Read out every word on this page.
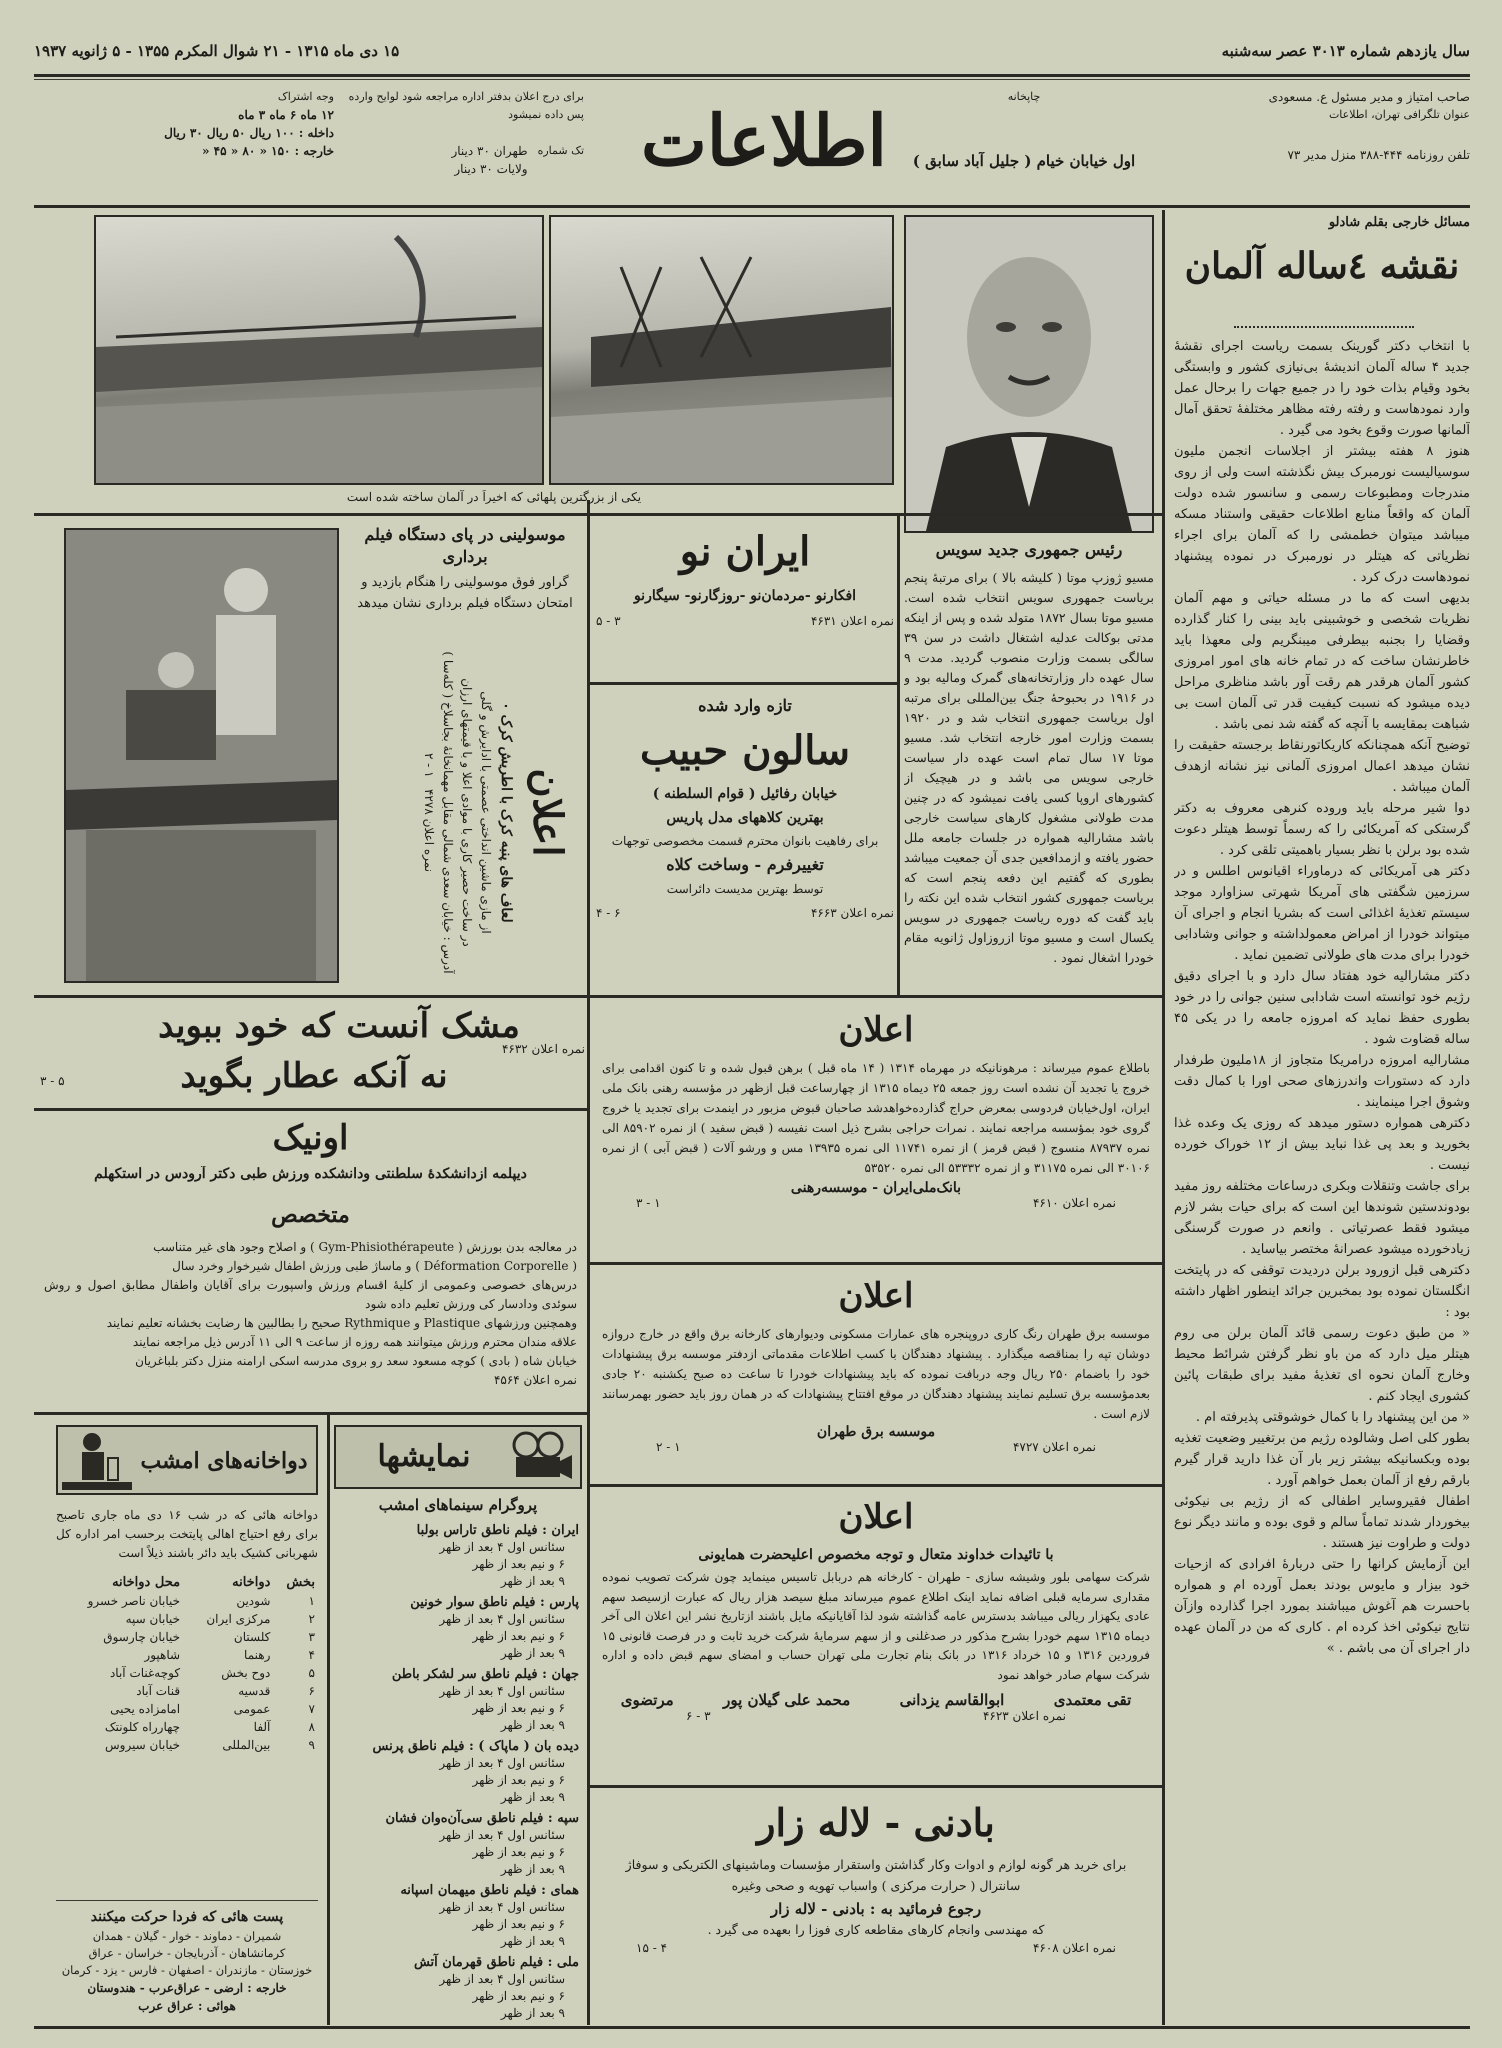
سال یازدهم شماره ۳۰۱۳ عصر سه‌شنبه
۱۵ دی ماه ۱۳۱۵ - ۲۱ شوال المکرم ۱۳۵۵ - ۵ ژانویه ۱۹۳۷
صاحب امتیاز و مدیر مسئول ع. مسعودی
عنوان تلگرافی تهران، اطلاعات
تلفن روزنامه ۴۴۴-۳۸۸ منزل مدیر ۷۳
چاپخانه
اول خیابان خیام ( جلیل آباد سابق )
اطلاعات
برای درج اعلان بدفتر اداره مراجعه شود لوایح وارده پس داده نمیشود
تک شماره
طهران ۳۰ دینار
ولایات ۳۰ دینار
وجه اشتراک
۱۲ ماه ۶ ماه ۳ ماه
داخله : ۱۰۰ ریال ۵۰ ریال ۳۰ ریال
خارجه : ۱۵۰ « ۸۰ « ۴۵ «
مسائل خارجی بقلم شادلو
نقشه ٤ساله آلمان

با انتخاب دکتر گورینک بسمت ریاست اجرای نقشهٔ جدید ۴ ساله آلمان اندیشهٔ بی‌نیازی کشور و وابستگی بخود وقیام بذات خود را در جمیع جهات را برحال عمل وارد نمودهاست و رفته رفته مظاهر مختلفهٔ تحقق آمال آلمانها صورت وقوع بخود می گیرد .

هنوز ۸ هفته بیشتر از اجلاسات انجمن ملیون سوسیالیست نورمبرک بیش نگذشته است ولی از روی مندرجات ومطبوعات رسمی و سانسور شده دولت آلمان که واقعاً منابع اطلاعات حقیقی واستناد مسکه میباشد میتوان خطمشی را که آلمان برای اجراء نظریاتی که هیتلر در نورمبرک در نموده پیشنهاد نمودهاست درک کرد .

بدیهی است که ما در مسئله حیاتی و مهم آلمان نظریات شخصی و خوشبینی باید بینی را کنار گذارده وقضایا را بجنبه بیطرفی میبنگریم ولی معهذا باید خاطرنشان ساخت که در تمام خانه های امور امروزی کشور آلمان هرقدر هم رقت آور باشد مناظری مراحل دیده میشود که نسبت کیفیت قدر تی آلمان است بی شباهت بمقایسه با آنچه که گفته شد نمی باشد .

توضیح آنکه همچنانکه کاریکاتورنقاط برجسته حقیقت را نشان میدهد اعمال امروزی آلمانی نیز نشانه ازهدف آلمان میباشد .

دوا شیر مرحله باید وروده کنرهی معروف به دکتر گرستکی که آمریکائی را که رسماً توسط هیتلر دعوت شده بود برلن با نظر بسیار باهمیتی تلقی کرد .

دکتر هی آمریکائی که درماوراء اقیانوس اطلس و در سرزمین شگفتی های آمریکا شهرتی سزاوارد موجد سیستم تغذیهٔ اغذائی است که بشریا انجام و اجرای آن میتواند خودرا از امراض معمولداشته و جوانی وشادابی خودرا برای مدت های طولانی تضمین نماید .

دکتر مشارالیه خود هفتاد سال دارد و با اجرای دقیق رژیم خود توانسته است شادابی سنین جوانی را در خود بطوری حفظ نماید که امروزه جامعه را در یکی ۴۵ ساله قضاوت شود .

مشارالیه امروزه درامریکا متجاوز از ۱۸ملیون طرفدار دارد که دستورات واندرزهای صحی اورا با کمال دقت وشوق اجرا مینمایند .

دکترهی همواره دستور میدهد که روزی یک وعده غذا بخورید و بعد پی غذا نباید بیش از ۱۲ خوراک خورده نیست .

برای جاشت وتنقلات وبکری درساعات مختلفه روز مفید بودوندستین شوندها این است که برای حیات بشر لازم میشود فقط عصرتیاتی . وانعم در صورت گرسنگی زیادخورده میشود عصرانهٔ مختصر بیاساید .

دکترهی قبل ازورود برلن دردیدت توقفی که در پایتخت انگلستان نموده بود بمخبرین جرائد اینطور اظهار داشته بود :

« من طبق دعوت رسمی قائد آلمان برلن می روم هیتلر میل دارد که من باو نظر گرفتن شرائط محیط وخارج آلمان نحوه ای تغذیهٔ مفید برای طبقات پائین کشوری ایجاد کنم .

« من این پیشنهاد را با کمال خوشوقتی پذیرفته ام .

بطور کلی اصل وشالوده رژیم من برتغییر وضعیت تغذیه بوده وبکسانیکه بیشتر زیر بار آن غذا دارید قرار گیرم بارقم رفع از آلمان بعمل خواهم آورد .

اطفال فقیروسایر اطفالی که از رژیم بی نیکوئی بیخوردار شدند تماماً سالم و قوی بوده و مانند دیگر نوع دولت و طراوت نیز هستند .

این آزمایش کرانها را حتی دربارهٔ افرادی که ازحیات خود بیزار و مایوس بودند بعمل آورده ام و همواره باحسرت هم آغوش میباشند بمورد اجرا گذارده وازآن نتایج نیکوئی اخذ کرده ام . کاری که من در آلمان عهده دار اجرای آن می باشم . »

رئیس جمهوری جدید سویس
مسیو ژوزپ موتا ( کلیشه بالا ) برای مرتبهٔ پنجم بریاست جمهوری سویس انتخاب شده است. مسیو موتا بسال ۱۸۷۲ متولد شده و پس از اینکه مدتی بوکالت عدلیه اشتغال داشت در سن ۳۹ سالگی بسمت وزارت منصوب گردید. مدت ۹ سال عهده دار وزارتخانه‌های گمرک ومالیه بود و در ۱۹۱۶ در بحبوحهٔ جنگ بین‌المللی برای مرتبه اول بریاست جمهوری انتخاب شد و در ۱۹۲۰ بسمت وزارت امور خارجه انتخاب شد. مسیو موتا ۱۷ سال تمام است عهده دار سیاست خارجی سویس می باشد و در هیچیک از کشورهای اروپا کسی یافت نمیشود که در چنین مدت طولانی مشغول کارهای سیاست خارجی باشد مشارالیه همواره در جلسات جامعه ملل حضور یافته و ازمدافعین جدی آن جمعیت میباشد بطوری که گفتیم این دفعه پنجم است که بریاست جمهوری کشور انتخاب شده این نکته را باید گفت که دوره ریاست جمهوری در سویس یکسال است و مسیو موتا ازروزاول ژانویه مقام خودرا اشغال نمود .
یکی از بزرگترین پلهائی که اخیراً در آلمان ساخته شده است
موسولینی در پای دستگاه فیلم برداری
گراور فوق موسولینی را هنگام بازدید و امتحان دستگاه فیلم برداری نشان میدهد
اعلان
لعاف های پنبه کرک با اطریش کرک ۰
از مازی ماشین انداختی عصمتی با ادایرش و گلی
در ساخت حصیر کاری با موادی اعلا و با قیمتهای ارزان
آدرس : خیابان سعدی شمالی مقابل مهمانخانهٔ بجاسلاخ ( کله‌سا )
نمره اعلان ۴۲۷۸   ۱ - ۲
ایران نو
افکارنو -مردمان‌نو -روزگارنو- سیگارنو
نمره اعلان ۴۶۳۱
۳ - ۵
تازه وارد شده
سالون حبیب
خیابان رفائیل ( قوام السلطنه )
بهترین کلاههای مدل پاریس
برای رفاهیت بانوان محترم قسمت مخصوصی توجهات
تغییرفرم - وساخت کلاه
توسط بهترین مدیست دائراست
نمره اعلان ۴۶۶۳
۶ - ۴
مشک آنست که خود ببوید
نه آنکه عطار بگوید
نمره اعلان ۴۶۳۲
۳ - ۵
اونیک
دیپلمه ازدانشکدهٔ سلطنتی ودانشکده ورزش طبی دکتر آرودس در استکهلم
متخصص

در معالجه بدن بورزش ( Gym-Phisiothérapeute ) و اصلاح وجود های غیر متناسب

( Déformation Corporelle ) و ماساژ طبی ورزش اطفال شیرخوار وخرد سال

درس‌های خصوصی وعمومی از کلیهٔ اقسام ورزش واسپورت برای آقایان واطفال مطابق اصول و روش سوئدی ودادسار کی ورزش تعلیم داده شود

وهمچنین ورزشهای Plastique و Rythmique صحیح را بطالبین ها رضایت بخشانه تعلیم نمایند

علاقه مندان محترم ورزش میتوانند همه روزه از ساعت ۹ الی ۱۱ آدرس ذیل مراجعه نمایند

خیابان شاه ( بادی ) کوچه مسعود سعد رو بروی مدرسه اسکی ارامنه منزل دکتر بلباغریان

نمره اعلان ۴۵۶۴

اعلان
باطلاع عموم میرساند : مرهونانیکه در مهرماه ۱۳۱۴ ( ۱۴ ماه قبل ) برهن قبول شده و تا کنون اقدامی برای خروج یا تجدید آن نشده است روز جمعه ۲۵ دیماه ۱۳۱۵ از چهارساعت قبل ازظهر در مؤسسه رهنی بانک ملی ایران، اول‌خیابان فردوسی بمعرض حراج گذارده‌خواهدشد صاحبان قبوض مزبور در اینمدت برای تجدید یا خروج گروی خود بمؤسسه مراجعه نمایند . نمرات حراجی بشرح ذیل است نفیسه ( قبض سفید ) از نمره ۸۵۹۰۲ الی نمره ۸۷۹۳۷ منسوج ( قبض قرمز ) از نمره ۱۱۷۴۱ الی نمره ۱۳۹۳۵ مس و ورشو آلات ( قبض آبی ) از نمره ۳۰۱۰۶ الی نمره ۳۱۱۷۵ و از نمره ۵۳۳۳۲ الی نمره ۵۳۵۲۰
بانک‌ملی‌ایران - موسسه‌رهنی
نمره اعلان ۴۶۱۰
۱ - ۳
اعلان
موسسه برق طهران رنگ کاری دروپنجره های عمارات مسکونی ودیوارهای کارخانه برق واقع در خارج دروازه دوشان تپه را بمناقصه میگذارد . پیشنهاد دهندگان با کسب اطلاعات مقدماتی ازدفتر موسسه برق پیشنهادات خود را باضمام ۲۵۰ ریال وجه دربافت نموده که باید پیشنهادات خودرا تا ساعت ده صبح یکشنبه ۲۰ جادی بعدمؤسسه برق تسلیم نمایند پیشنهاد دهندگان در موقع افتتاح پیشنهادات که در همان روز باید حضور بهمرسانند لازم است .
موسسه برق طهران
نمره اعلان ۴۷۲۷
۱ - ۲
اعلان
با تائیدات خداوند متعال و توجه مخصوص اعلیحضرت همایونی
شرکت سهامی بلور وشیشه سازی - طهران - کارخانه هم دربابل تاسیس مینماید چون شرکت تصویب نموده مقداری سرمایه قبلی اضافه نماید اینک اطلاع عموم میرساند مبلغ سیصد هزار ریال که عبارت ازسیصد سهم عادی یکهزار ریالی میباشد بدسترس عامه گذاشته شود لذا آقایانیکه مایل باشند ازتاریخ نشر این اعلان الی آخر دیماه ۱۳۱۵ سهم خودرا بشرح مذکور در صدغلنی و از سهم سرمایهٔ شرکت خرید ثابت و در فرصت قانونی ۱۵ فروردین ۱۳۱۶ و ۱۵ خرداد ۱۳۱۶ در بانک بنام تجارت ملی تهران حساب و امضای سهم قبض داده و اداره شرکت سهام صادر خواهد نمود
تقی معتمدی
ابوالقاسم یزدانی
محمد علی گیلان پور
مرتضوی
نمره اعلان ۴۶۲۳
۳ - ۶
بادنی - لاله زار
برای خرید هر گونه لوازم و ادوات وکار گذاشتن واستقرار مؤسسات وماشینهای الکتریکی و سوفاژ سانترال ( حرارت مرکزی ) واسباب تهویه و صحی وغیره
رجوع فرمائید به : بادنی - لاله زار
که مهندسی وانجام کارهای مقاطعه کاری فوزا را بعهده می گیرد .
نمره اعلان ۴۶۰۸
۴ - ۱۵
نمایشها
پروگرام سینماهای امشب

ایران : فیلم ناطق تاراس بولبا

سئانس اول ۴ بعد از ظهر

۶ و نیم بعد از ظهر

۹ بعد از ظهر

پارس : فیلم ناطق سوار خونین

سئانس اول ۴ بعد از ظهر

۶ و نیم بعد از ظهر

۹ بعد از ظهر

جهان : فیلم ناطق سر لشکر باطن

سئانس اول ۴ بعد از ظهر

۶ و نیم بعد از ظهر

۹ بعد از ظهر

دیده بان ( ماپاک ) : فیلم ناطق پرنس

سئانس اول ۴ بعد از ظهر

۶ و نیم بعد از ظهر

۹ بعد از ظهر

سپه : فیلم ناطق سی‌آن‌ه‌وان فشان

سئانس اول ۴ بعد از ظهر

۶ و نیم بعد از ظهر

۹ بعد از ظهر

همای : فیلم ناطق میهمان اسپانه

سئانس اول ۴ بعد از ظهر

۶ و نیم بعد از ظهر

۹ بعد از ظهر

ملی : فیلم ناطق قهرمان آتش

سئانس اول ۴ بعد از ظهر

۶ و نیم بعد از ظهر

۹ بعد از ظهر

دواخانه‌های امشب
دواخانه هائی که در شب ۱۶ دی ماه جاری تاصبح برای رفع احتیاج اهالی پایتخت برحسب امر اداره کل شهربانی کشیک باید دائر باشند ذیلاً است
بخش	دواخانه	محل دواخانه
۱	شودین	خیابان ناصر خسرو
۲	مرکزی ایران	خیابان سپه
۳	کلستان	خیابان چارسوق
۴	رهنما	شاهپور
۵	دوح بخش	کوچه‌غنات آباد
۶	قدسیه	قنات آباد
۷	عمومی	امامزاده یحیی
۸	آلفا	چهارراه کلونتک
۹	بین‌المللی	خیابان سیروس
پست هائی که فردا حرکت میکنند
شمیران - دماوند - خوار - گیلان - همدان
کرمانشاهان - آذربایجان - خراسان - عراق
خوزستان - مازندران - اصفهان - فارس - یزد - کرمان
خارجه : ارضی - عراق‌عرب - هندوستان
هوائی : عراق عرب
